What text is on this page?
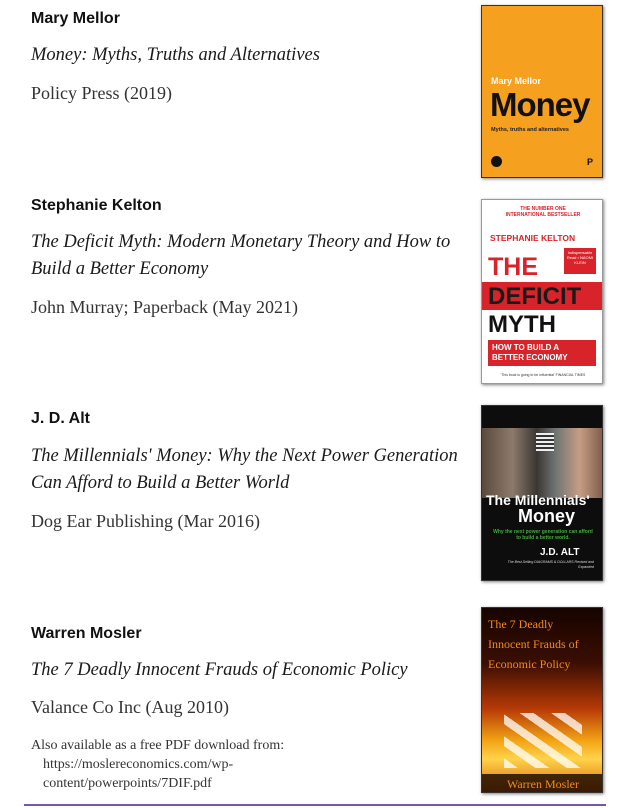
Mary Mellor

Money: Myths, Truths and Alternatives

Policy Press (2019)

Mary Mellor
Money
Myths, truths and alternatives
P

Stephanie Kelton

The Deficit Myth: Modern Monetary Theory and How to Build a Better Economy

John Murray; Paperback (May 2021)

THE NUMBER ONE INTERNATIONAL BESTSELLER
STEPHANIE KELTON
Indispensable Read • NAOMI KLEIN
THE
DEFICIT
MYTH
HOW TO BUILD A BETTER ECONOMY
'This book is going to be influential' FINANCIAL TIMES

J. D. Alt

The Millennials' Money: Why the Next Power Generation Can Afford to Build a Better World

Dog Ear Publishing (Mar 2016)

The Millennials'
Money
Why the next power generation can afford to build a better world.
J.D. ALT
The Best-Selling DIAGRAMS & DOLLARS Revised and Expanded

Warren Mosler

The 7 Deadly Innocent Frauds of Economic Policy

Valance Co Inc (Aug 2010)

Also available as a free PDF download from:
https://moslereconomics.com/wp-content/powerpoints/7DIF.pdf
The 7 Deadly Innocent Frauds of Economic Policy
Warren Mosler
